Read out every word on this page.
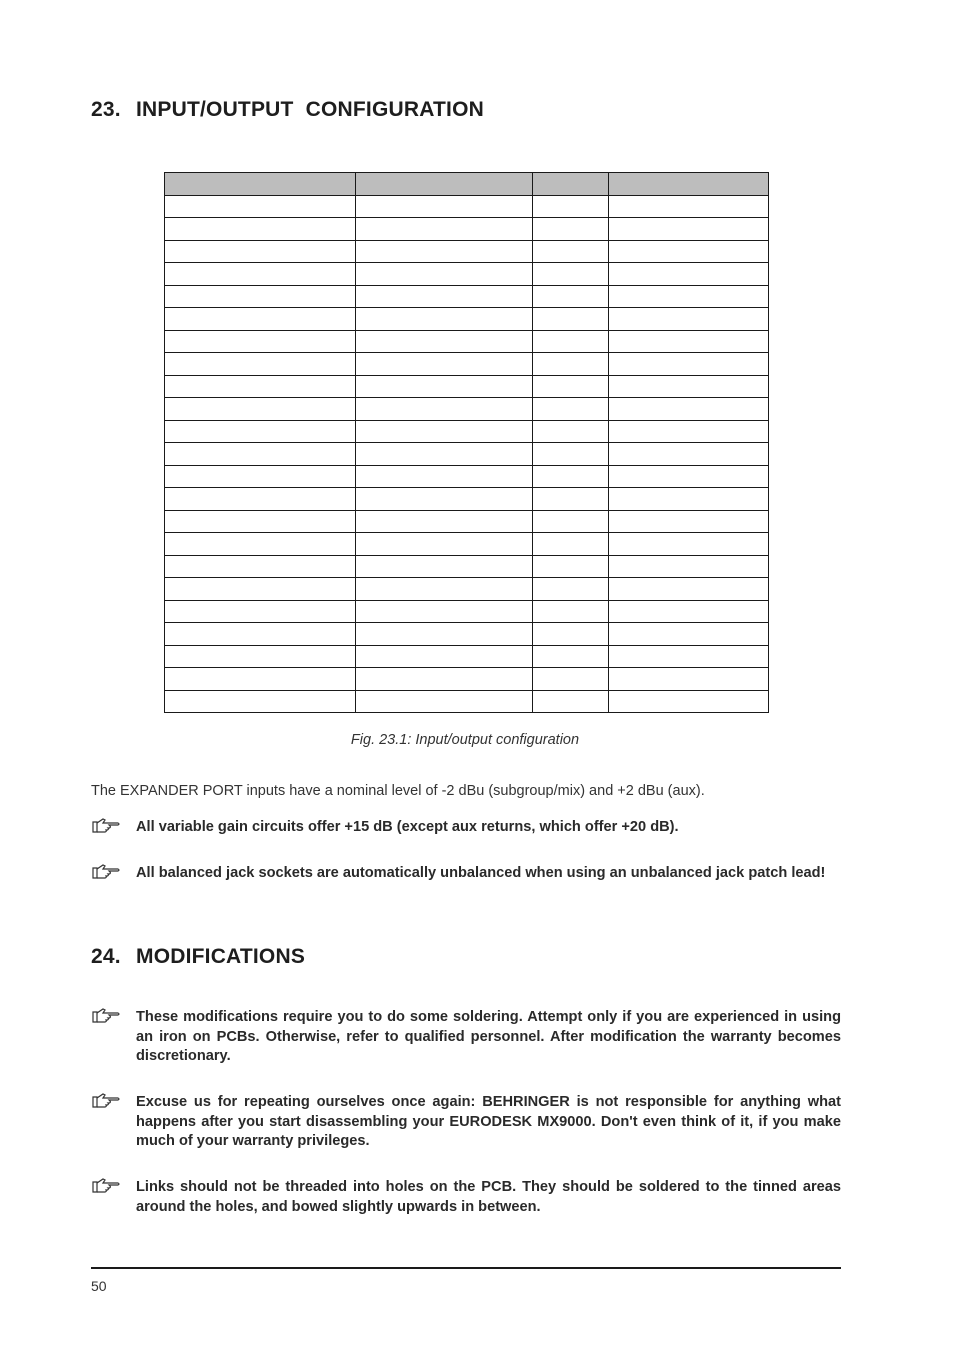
23. INPUT/OUTPUT  CONFIGURATION

Fig. 23.1: Input/output configuration
The EXPANDER PORT inputs have a nominal level of -2 dBu (subgroup/mix) and +2 dBu (aux).
All variable gain circuits offer +15 dB (except aux returns, which offer +20 dB).
All balanced jack sockets are automatically unbalanced when using an unbalanced jack patch lead!
24. MODIFICATIONS
These modifications require you to do some soldering. Attempt only if you are experienced in using an iron on PCBs. Otherwise, refer to qualified personnel. After modification the warranty becomes discretionary.
Excuse us for repeating ourselves once again: BEHRINGER is not responsible for anything what happens after you start disassembling your EURODESK MX9000. Don't even think of it, if you make much of your warranty privileges.
Links should not be threaded into holes on the PCB. They should be soldered to the tinned areas around the holes, and bowed slightly upwards in between.
50
